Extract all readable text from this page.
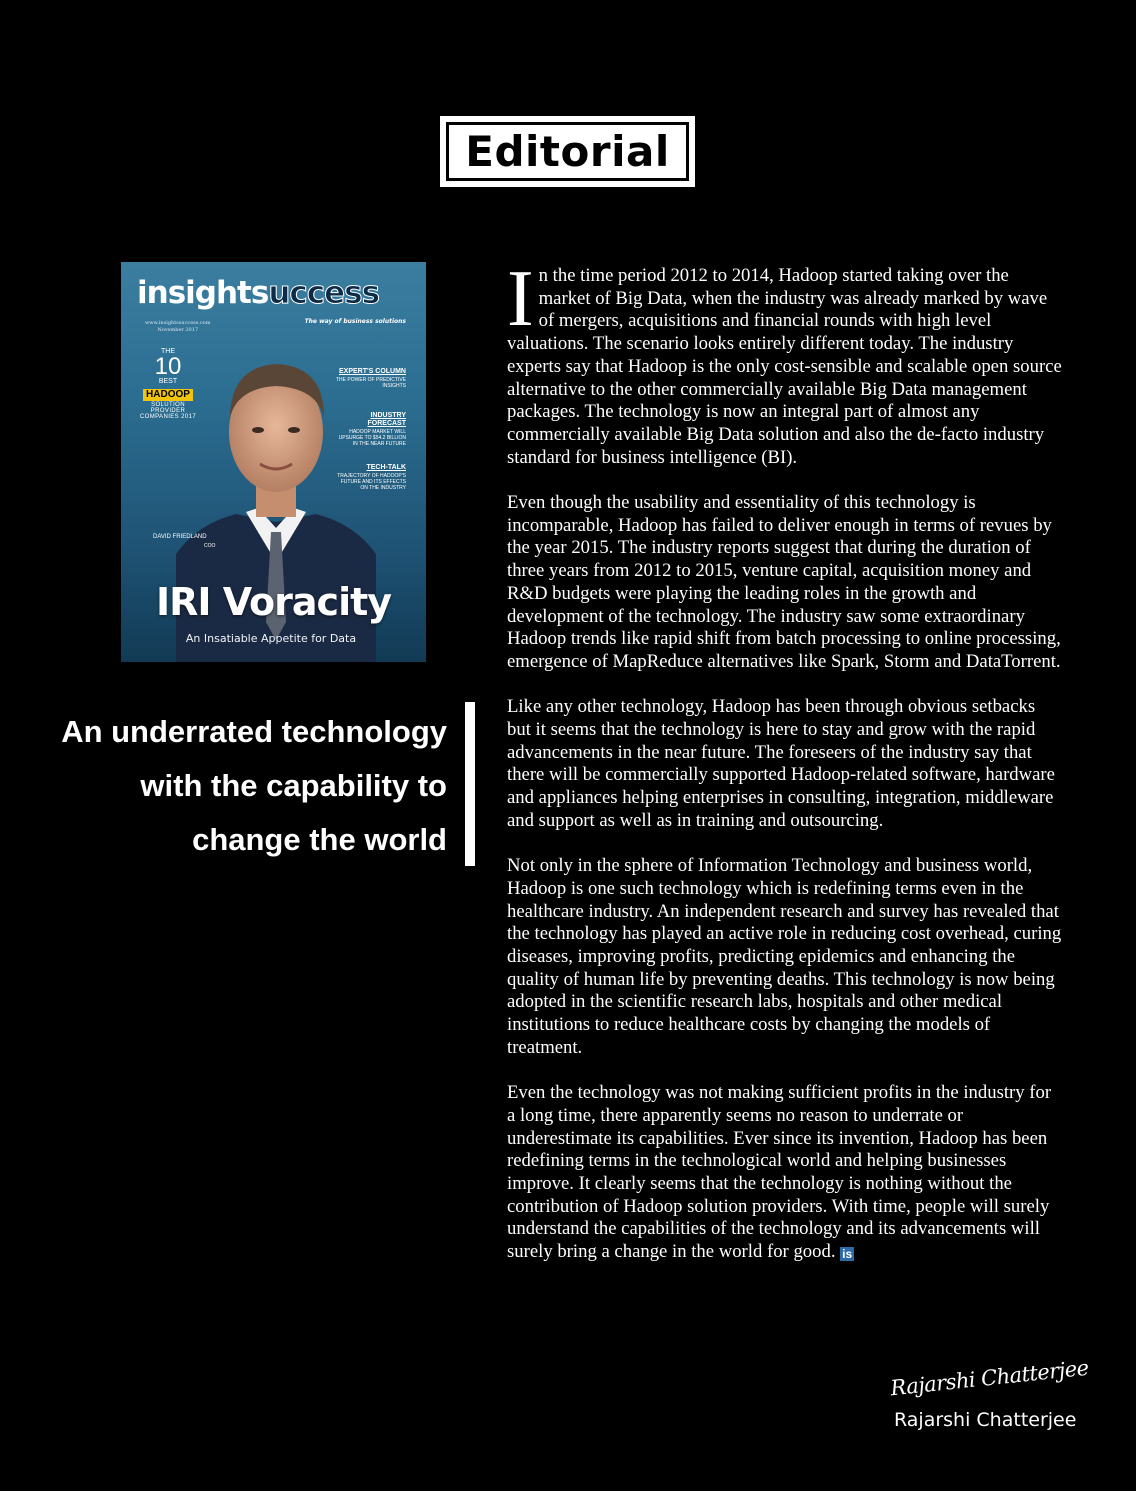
Editorial
insightsuccess
The way of business solutions
www.insightssuccess.com
November 2017
THE
10
BEST
HADOOP
SOLUTION PROVIDER
COMPANIES 2017
EXPERT'S COLUMN
THE POWER OF PREDICTIVE INSIGHTS
INDUSTRY FORECAST
HADOOP MARKET WILL UPSURGE TO $54.2 BILLION IN THE NEAR FUTURE
TECH-TALK
TRAJECTORY OF HADOOP'S FUTURE AND ITS EFFECTS ON THE INDUSTRY
DAVID FRIEDLAND
COO
IRI Voracity
An Insatiable Appetite for Data
An underrated technology
with the capability to
change the world

In the time period 2012 to 2014, Hadoop started taking over the market of Big Data, when the industry was already marked by wave of mergers, acquisitions and financial rounds with high level valuations. The scenario looks entirely different today. The industry experts say that Hadoop is the only cost-sensible and scalable open source alternative to the other commercially available Big Data management packages. The technology is now an integral part of almost any commercially available Big Data solution and also the de-facto industry standard for business intelligence (BI).

Even though the usability and essentiality of this technology is incomparable, Hadoop has failed to deliver enough in terms of revues by the year 2015. The industry reports suggest that during the duration of three years from 2012 to 2015, venture capital, acquisition money and R&D budgets were playing the leading roles in the growth and development of the technology. The industry saw some extraordinary Hadoop trends like rapid shift from batch processing to online processing, emergence of MapReduce alternatives like Spark, Storm and DataTorrent.

Like any other technology, Hadoop has been through obvious setbacks but it seems that the technology is here to stay and grow with the rapid advancements in the near future. The foreseers of the industry say that there will be commercially supported Hadoop-related software, hardware and appliances helping enterprises in consulting, integration, middleware and support as well as in training and outsourcing.

Not only in the sphere of Information Technology and business world, Hadoop is one such technology which is redefining terms even in the healthcare industry. An independent research and survey has revealed that the technology has played an active role in reducing cost overhead, curing diseases, improving profits, predicting epidemics and enhancing the quality of human life by preventing deaths. This technology is now being adopted in the scientific research labs, hospitals and other medical institutions to reduce healthcare costs by changing the models of treatment.

Even the technology was not making sufficient profits in the industry for a long time, there apparently seems no reason to underrate or underestimate its capabilities. Ever since its invention, Hadoop has been redefining terms in the technological world and helping businesses improve. It clearly seems that the technology is nothing without the contribution of Hadoop solution providers. With time, people will surely understand the capabilities of the technology and its advancements will surely bring a change in the world for good. is

Rajarshi Chatterjee
Rajarshi Chatterjee
